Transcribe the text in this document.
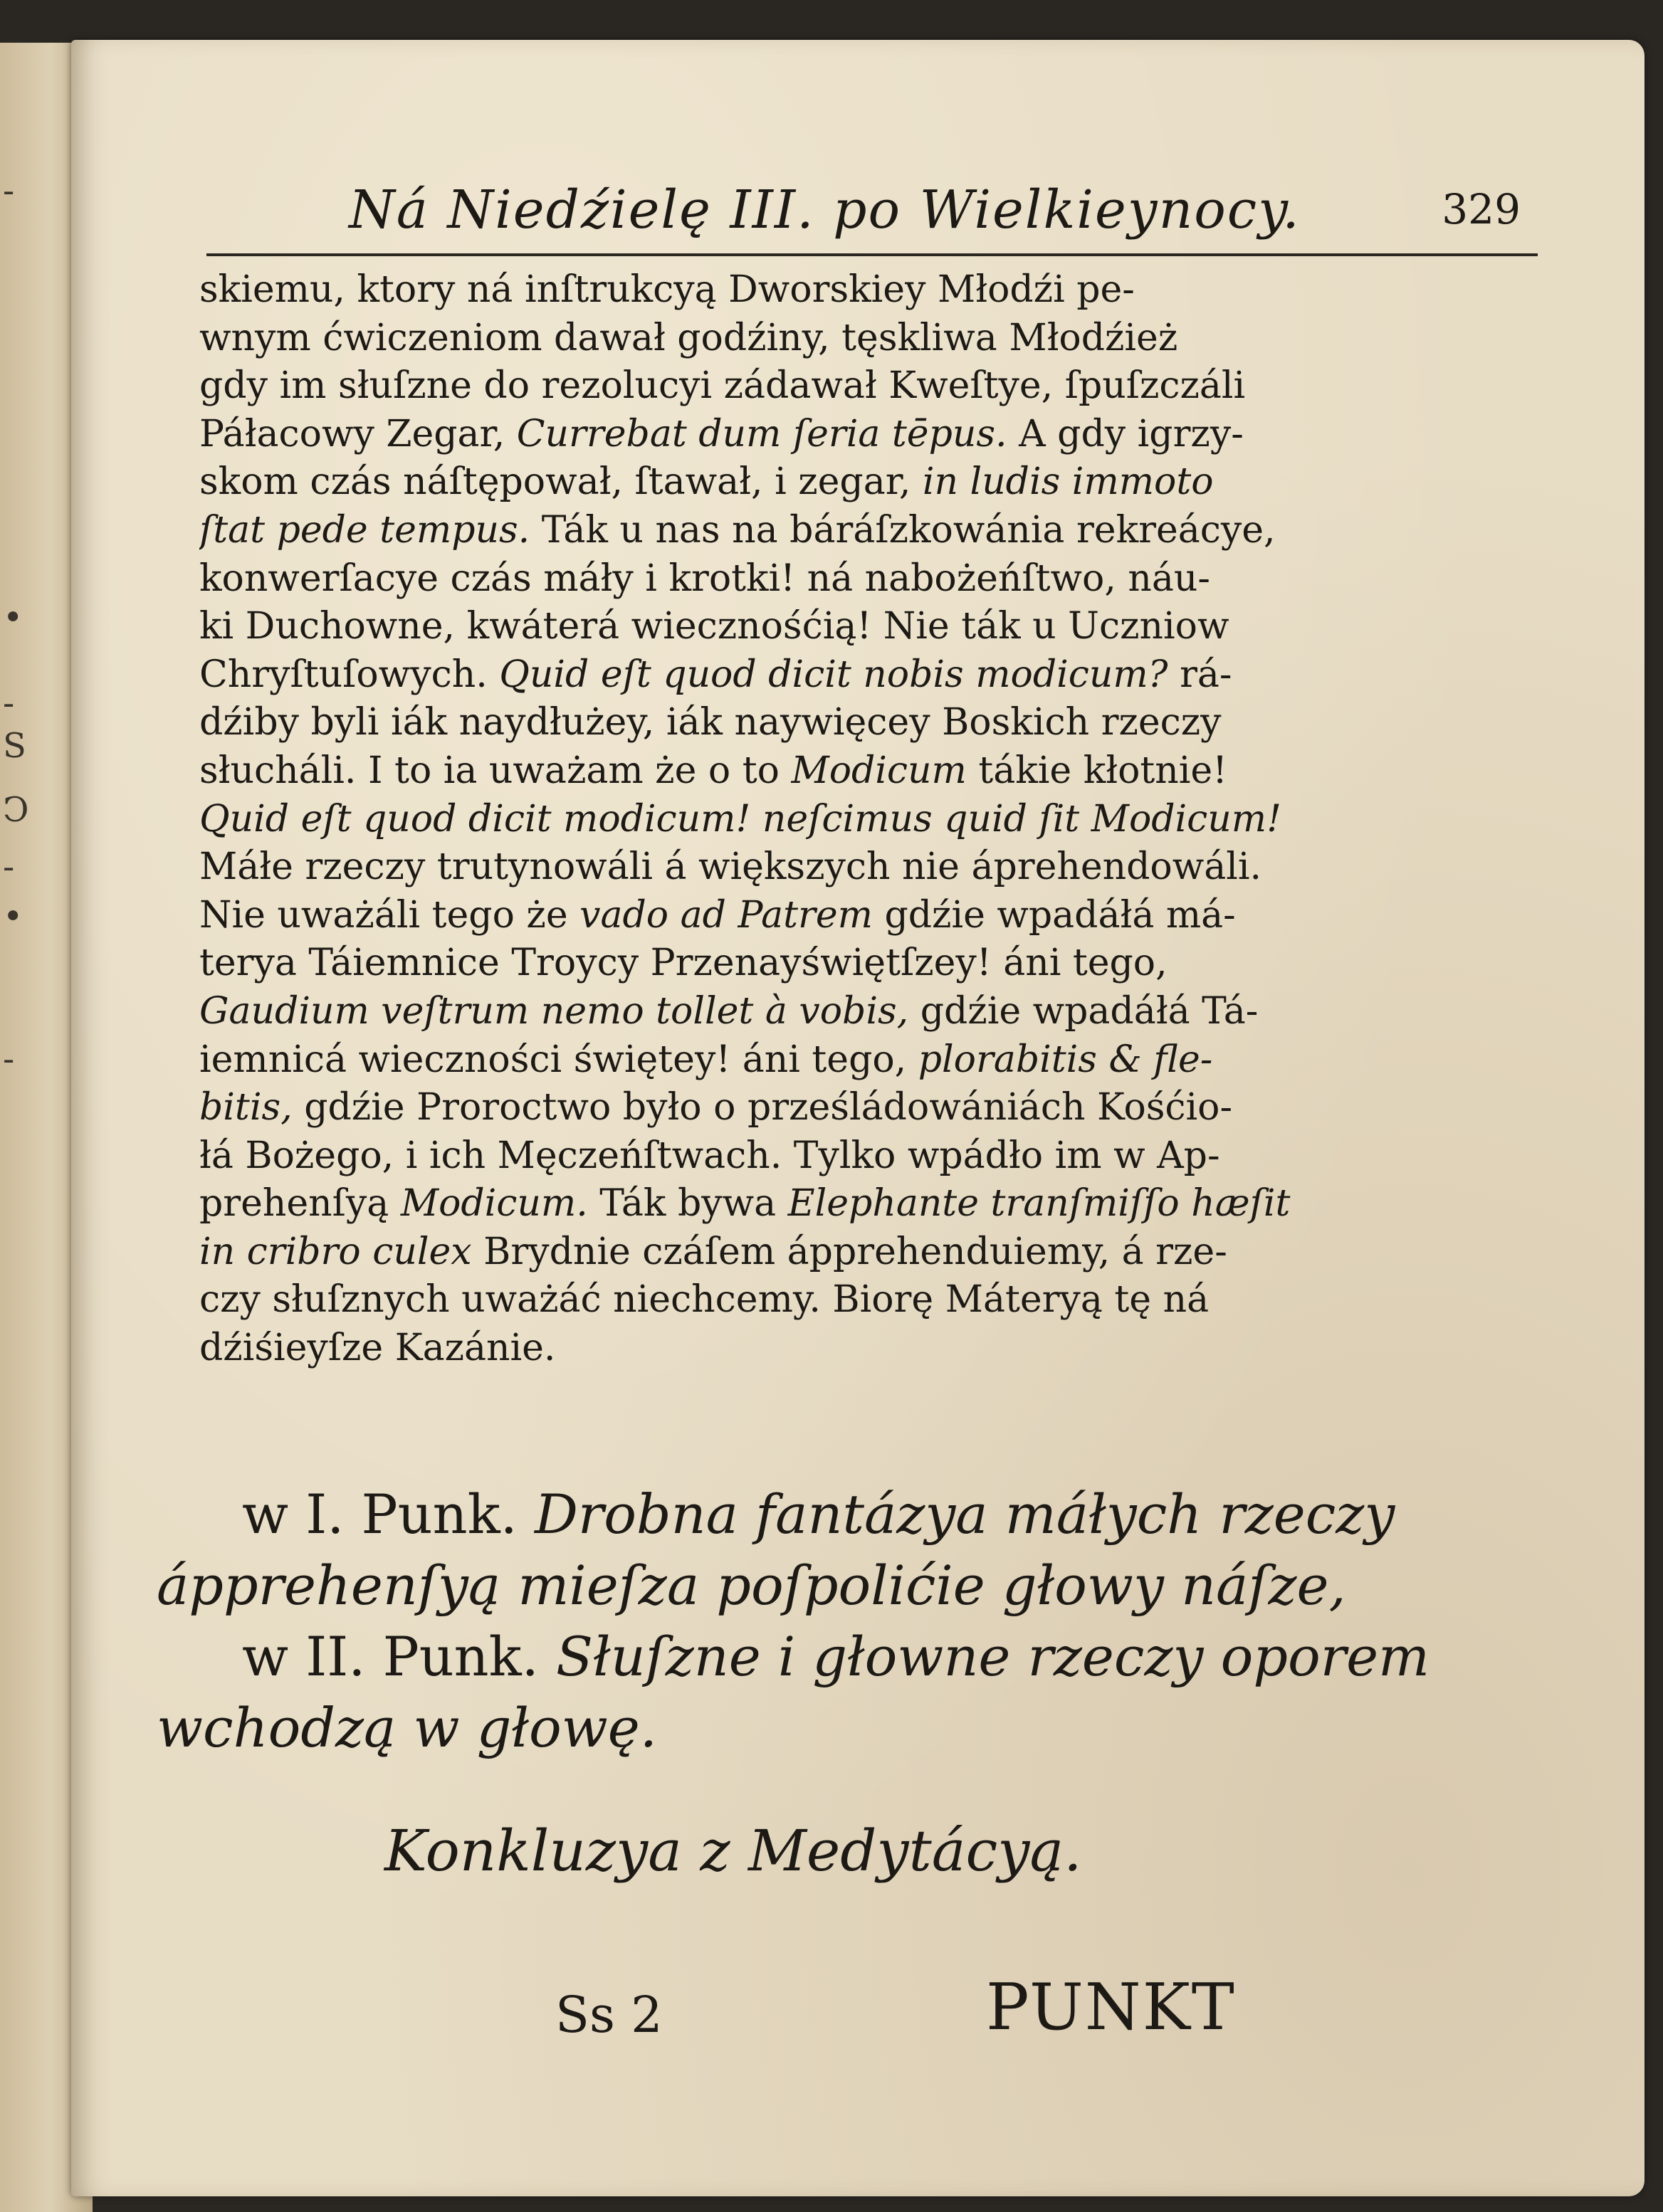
-
•
-
S
Ↄ
-
•
-
Ná Niedźielę III. po Wielkieynocy.	329
skiemu, ktory ná inſtrukcyą Dworskiey Młodźi pe-
wnym ćwiczeniom dawał godźiny, tęskliwa Młodźież
gdy im słuſzne do rezolucyi zádawał Kweſtye, ſpuſzczáli
Páłacowy Zegar, Currebat dum ſeria tēpus. A gdy igrzy-
skom czás náſtępował, ſtawał, i zegar, in ludis immoto
ſtat pede tempus. Ták u nas na báráſzkowánia rekreácye,
konwerſacye czás máły i krotki! ná nabożeńſtwo, náu-
ki Duchowne, kwáterá wiecznośćią! Nie ták u Uczniow
Chryſtuſowych. Quid eſt quod dicit nobis modicum? rá-
dźiby byli iák naydłużey, iák naywięcey Boskich rzeczy
słucháli. I to ia uważam że o to Modicum tákie kłotnie!
Quid eſt quod dicit modicum! neſcimus quid ſit Modicum!
Máłe rzeczy trutynowáli á większych nie áprehendowáli.
Nie uważáli tego że vado ad Patrem gdźie wpadáłá má-
terya Táiemnice Troycy Przenayświętſzey! áni tego,
Gaudium veſtrum nemo tollet à vobis, gdźie wpadáłá Tá-
iemnicá wieczności świętey! áni tego, plorabitis & fle-
bitis, gdźie Proroctwo było o prześládowániách Kośćio-
łá Bożego, i ich Męczeńſtwach. Tylko wpádło im w Ap-
prehenſyą Modicum. Ták bywa Elephante tranſmiſſo hæſit
in cribro culex Brydnie czáſem ápprehenduiemy, á rze-
czy słuſznych uważáć niechcemy. Biorę Máteryą tę ná
dźiśieyſze Kazánie.
w I. Punk. Drobna fantázya máłych rzeczy
ápprehenſyą mieſza poſpolićie głowy náſze,
w II. Punk. Słuſzne i głowne rzeczy oporem
wchodzą w głowę.
Konkluzya z Medytácyą.
Ss 2	PUNKT
